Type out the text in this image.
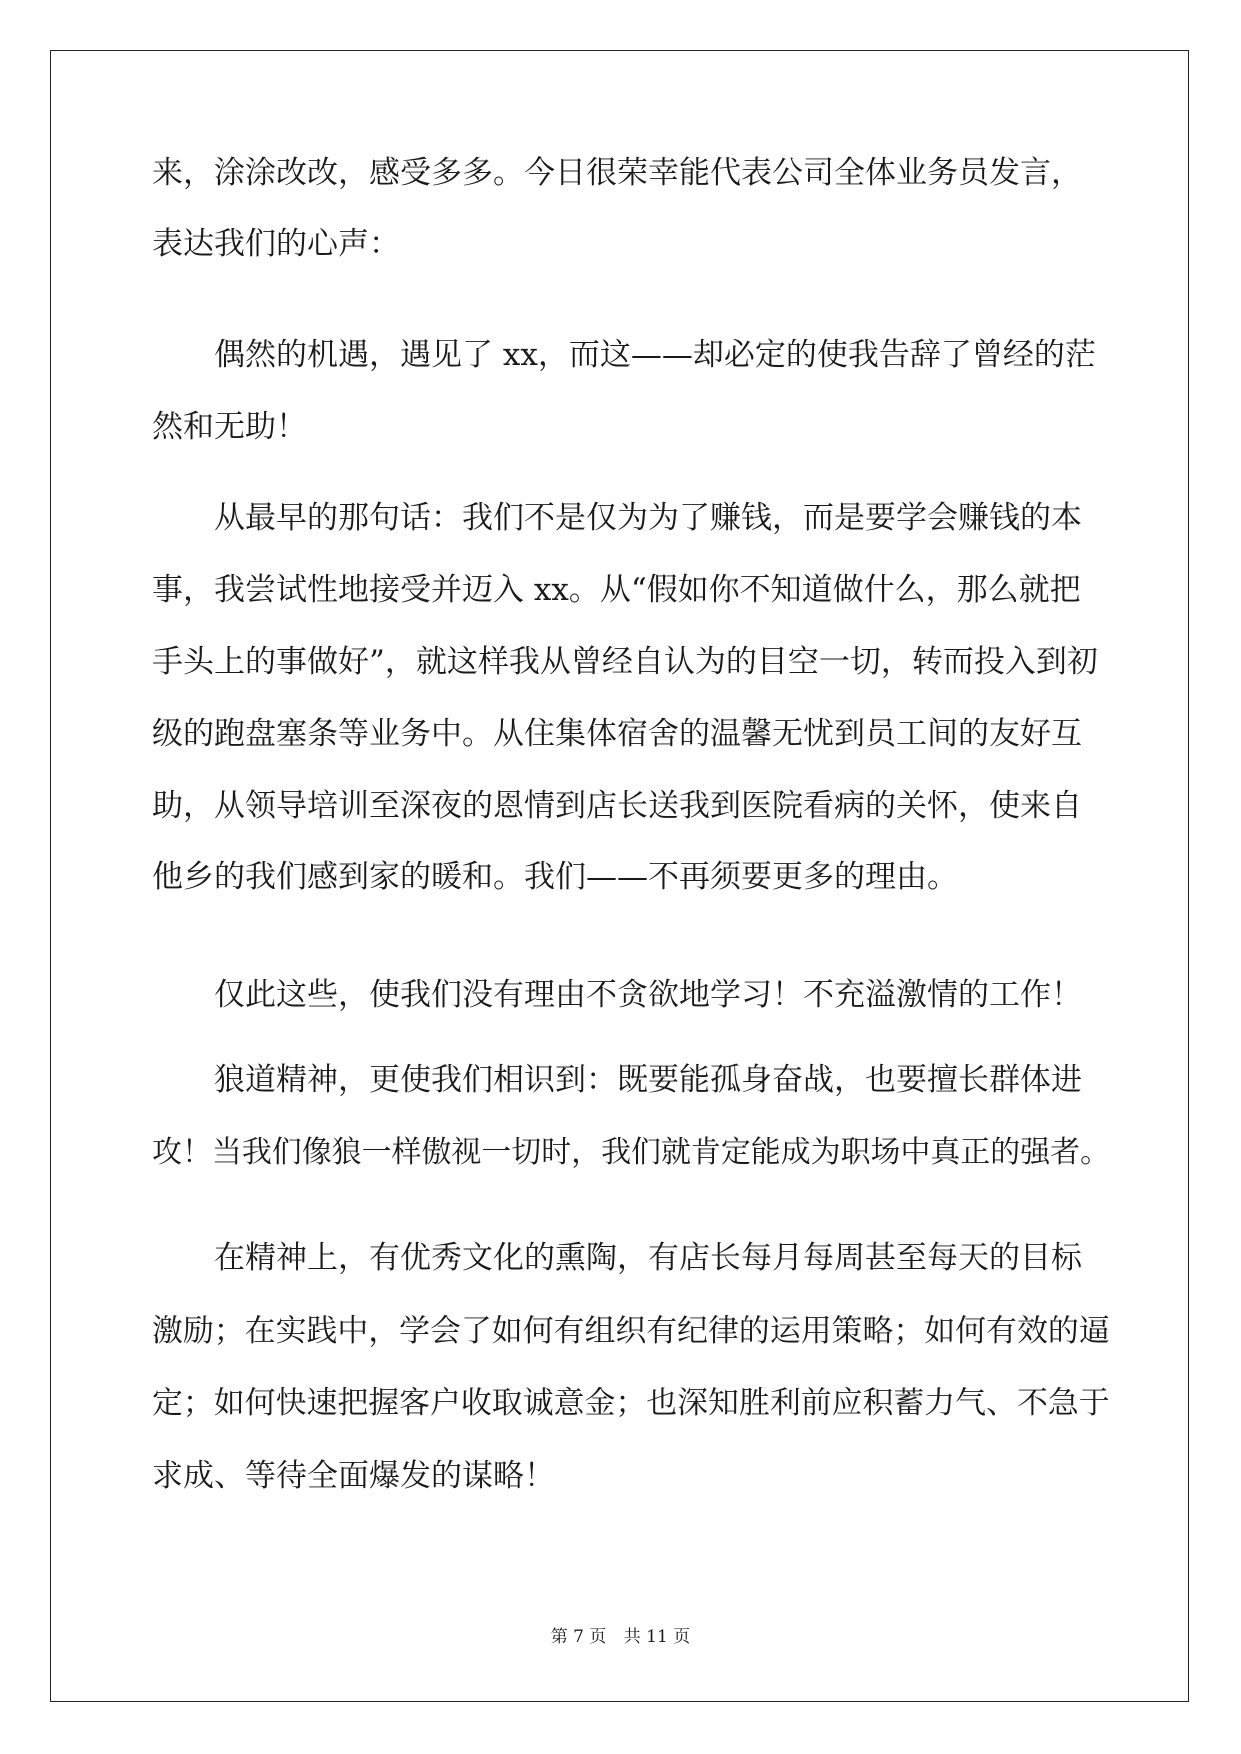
来，涂涂改改，感受多多。今日很荣幸能代表公司全体业务员发言，
表达我们的心声：
偶然的机遇，遇见了 xx，而这——却必定的使我告辞了曾经的茫
然和无助！
从最早的那句话：我们不是仅为为了赚钱，而是要学会赚钱的本
事，我尝试性地接受并迈入 xx。从“假如你不知道做什么，那么就把
手头上的事做好”，就这样我从曾经自认为的目空一切，转而投入到初
级的跑盘塞条等业务中。从住集体宿舍的温馨无忧到员工间的友好互
助，从领导培训至深夜的恩情到店长送我到医院看病的关怀，使来自
他乡的我们感到家的暖和。我们——不再须要更多的理由。
仅此这些，使我们没有理由不贪欲地学习！不充溢激情的工作！
狼道精神，更使我们相识到：既要能孤身奋战，也要擅长群体进
攻！当我们像狼一样傲视一切时，我们就肯定能成为职场中真正的强者。
在精神上，有优秀文化的熏陶，有店长每月每周甚至每天的目标
激励；在实践中，学会了如何有组织有纪律的运用策略；如何有效的逼
定；如何快速把握客户收取诚意金；也深知胜利前应积蓄力气、不急于
求成、等待全面爆发的谋略！
第 7 页 共 11 页
